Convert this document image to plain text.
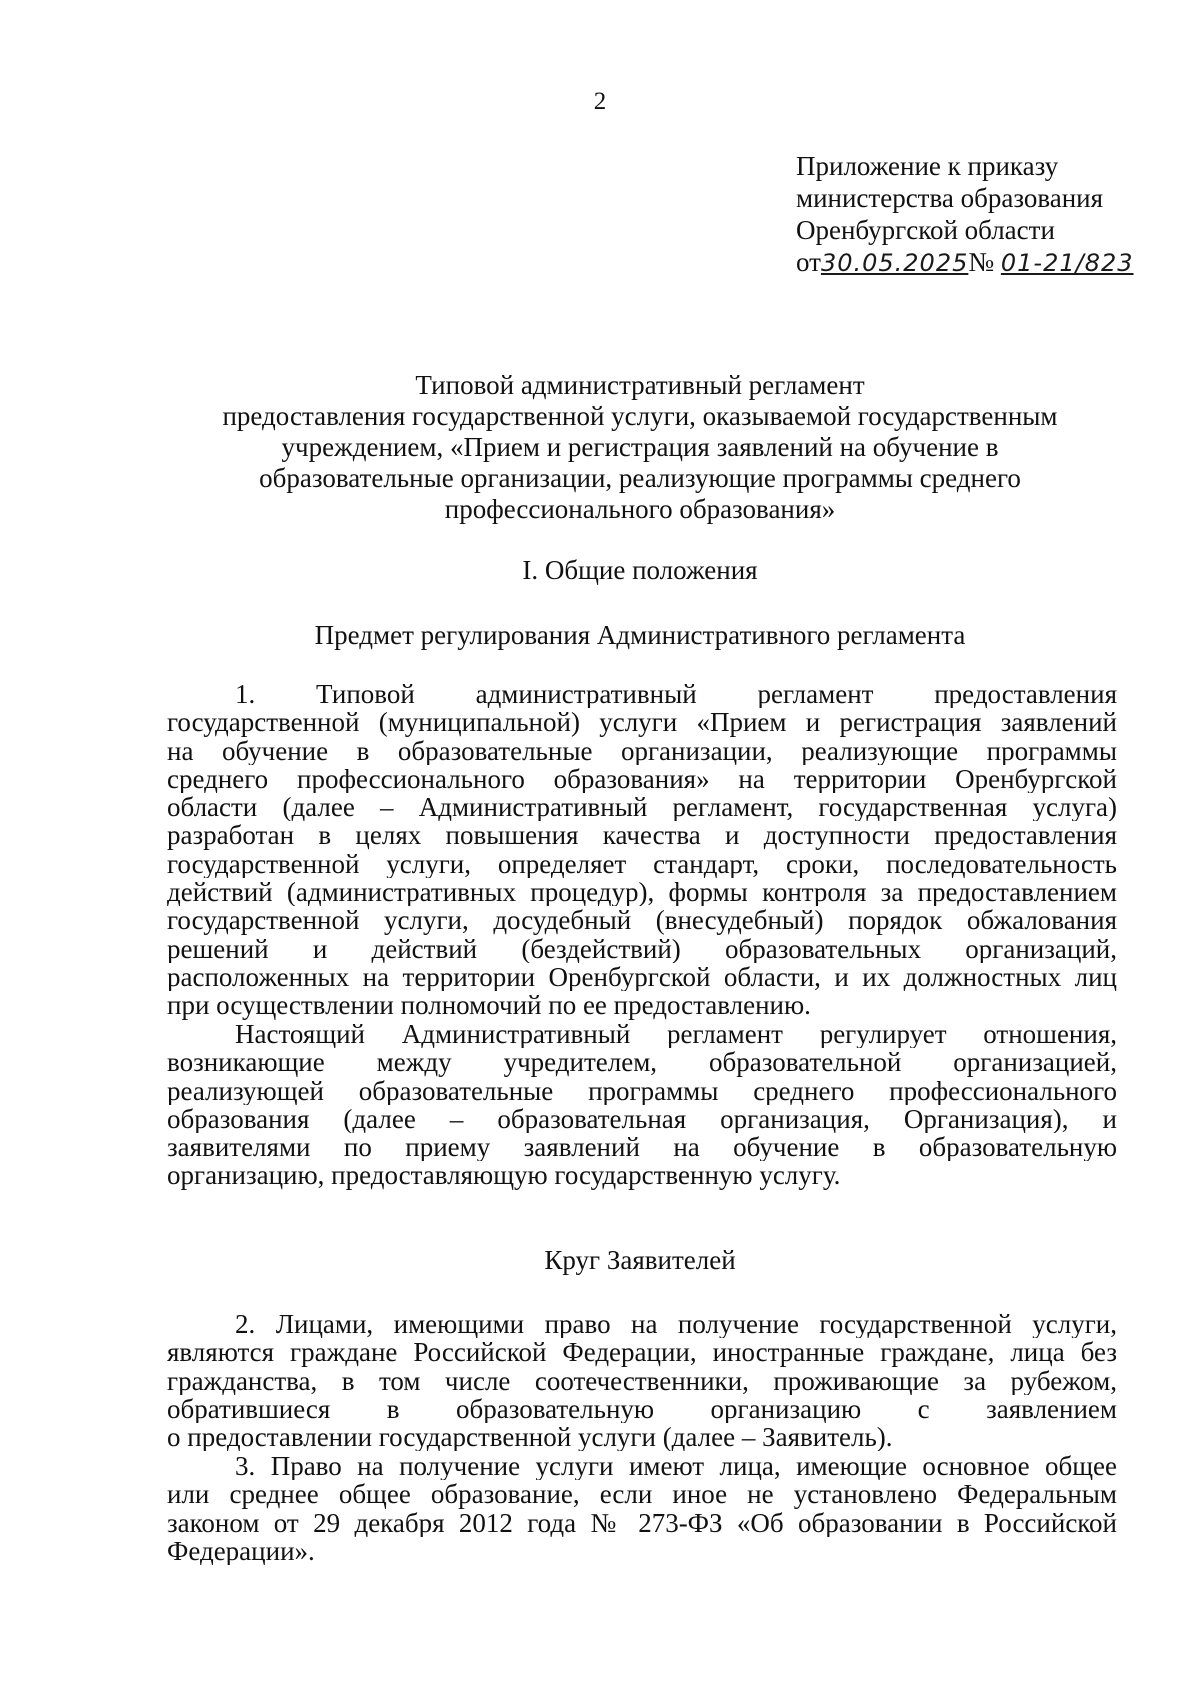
2
Приложение к приказу
министерства образования
Оренбургской области
от30.05.2025№ 01-21/823
Типовой административный регламент
предоставления государственной услуги, оказываемой государственным
учреждением, «Прием и регистрация заявлений на обучение в
образовательные организации, реализующие программы среднего
профессионального образования»
I. Общие положения
Предмет регулирования Административного регламента
1. Типовой административный регламент предоставления
государственной (муниципальной) услуги «Прием и регистрация заявлений
на обучение в образовательные организации, реализующие программы
среднего профессионального образования» на территории Оренбургской
области (далее – Административный регламент, государственная услуга)
разработан в целях повышения качества и доступности предоставления
государственной услуги, определяет стандарт, сроки, последовательность
действий (административных процедур), формы контроля за предоставлением
государственной услуги, досудебный (внесудебный) порядок обжалования
решений и действий (бездействий) образовательных организаций,
расположенных на территории Оренбургской области, и их должностных лиц
при осуществлении полномочий по ее предоставлению.
Настоящий Административный регламент регулирует отношения,
возникающие между учредителем, образовательной организацией,
реализующей образовательные программы среднего профессионального
образования (далее – образовательная организация, Организация), и
заявителями по приему заявлений на обучение в образовательную
организацию, предоставляющую государственную услугу.
Круг Заявителей
2. Лицами, имеющими право на получение государственной услуги,
являются граждане Российской Федерации, иностранные граждане, лица без
гражданства, в том числе соотечественники, проживающие за рубежом,
обратившиеся в образовательную организацию с заявлением
о предоставлении государственной услуги (далее – Заявитель).
3. Право на получение услуги имеют лица, имеющие основное общее
или среднее общее образование, если иное не установлено Федеральным
законом от 29 декабря 2012 года № 273-ФЗ «Об образовании в Российской
Федерации».
